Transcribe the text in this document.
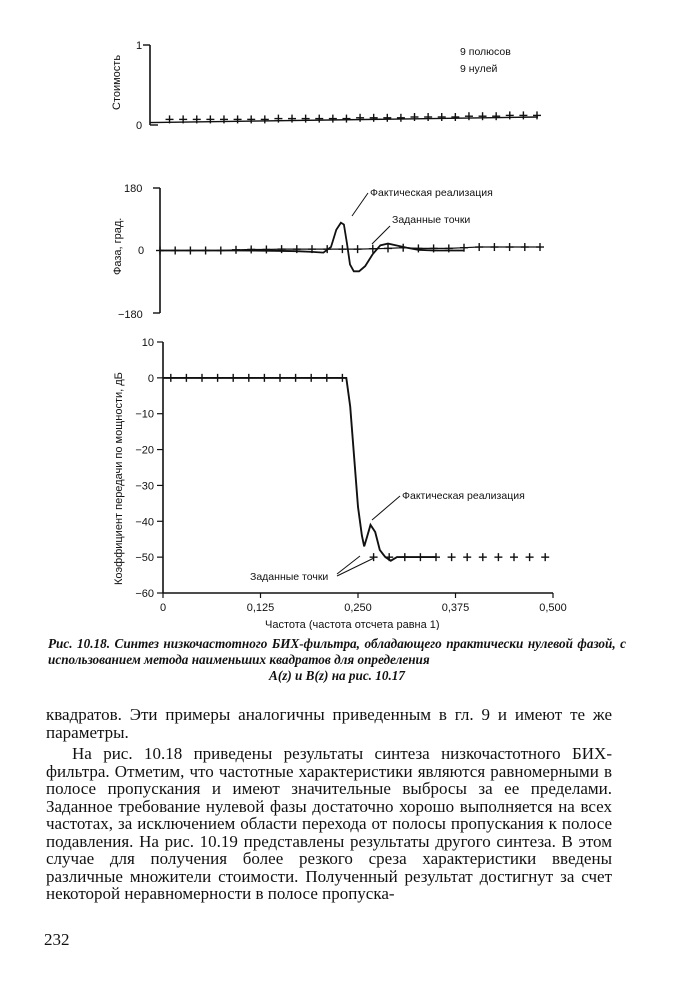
1
0
Стоимость
9 полюсов
9 нулей
180
0
−180
Фаза, град.
Фактическая реализация
Заданные точки
10
0
−10
−20
−30
−40
−50
−60
0	0,125	0,250	0,375	0,500
Коэффициент передачи по мощности, дБ
Частота (частота отсчета равна 1)
Фактическая реализация
Заданные точки
Рис. 10.18. Синтез низкочастотного БИХ-фильтра, обладающего практически нулевой фазой, с использованием метода наименьших квадратов для определения
A(z) и B(z) на рис. 10.17

квадратов. Эти примеры аналогичны приведенным в гл. 9 и имеют те же параметры.

На рис. 10.18 приведены результаты синтеза низкочастотного БИХ-фильтра. Отметим, что частотные характеристики являются равномерными в полосе пропускания и имеют значительные выбросы за ее пределами. Заданное требование нулевой фазы достаточно хорошо выполняется на всех частотах, за исключением области перехода от полосы пропускания к полосе подавления. На рис. 10.19 представлены результаты другого синтеза. В этом случае для получения более резкого среза характеристики введены различные множители стоимости. Полученный результат достигнут за счет некоторой неравномерности в полосе пропуска-

232
